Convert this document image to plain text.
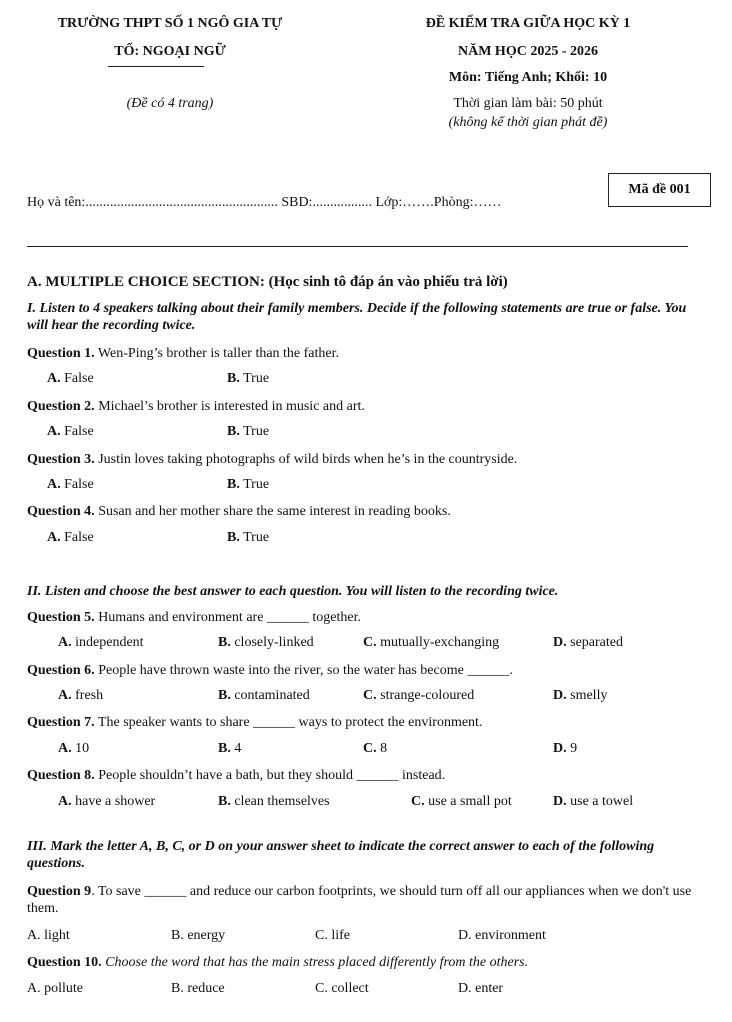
TRƯỜNG THPT SỐ 1 NGÔ GIA TỰ
TỔ: NGOẠI NGỮ
(Đề có 4 trang)
ĐỀ KIỂM TRA GIỮA HỌC KỲ 1
NĂM HỌC 2025 - 2026
Môn: Tiếng Anh; Khối: 10
Thời gian làm bài: 50 phút
(không kể thời gian phát đề)
Họ và tên:....................................................... SBD:................. Lớp:…….Phòng:……
Mã đề 001
A. MULTIPLE CHOICE SECTION: (Học sinh tô đáp án vào phiếu trả lời)
I. Listen to 4 speakers talking about their family members. Decide if the following statements are true or false. You will hear the recording twice.
Question 1. Wen-Ping’s brother is taller than the father.
A. False	B. True
Question 2. Michael’s brother is interested in music and art.
A. False	B. True
Question 3. Justin loves taking photographs of wild birds when he’s in the countryside.
A. False	B. True
Question 4. Susan and her mother share the same interest in reading books.
A. False	B. True
II. Listen and choose the best answer to each question. You will listen to the recording twice.
Question 5. Humans and environment are ______ together.
A. independent	B. closely-linked	C. mutually-exchanging	D. separated
Question 6. People have thrown waste into the river, so the water has become ______.
A. fresh	B. contaminated	C. strange-coloured	D. smelly
Question 7. The speaker wants to share ______ ways to protect the environment.
A. 10	B. 4	C. 8	D. 9
Question 8. People shouldn’t have a bath, but they should ______ instead.
A. have a shower	B. clean themselves	C. use a small pot	D. use a towel
III. Mark the letter A, B, C, or D on your answer sheet to indicate the correct answer to each of the following questions.
Question 9. To save ______ and reduce our carbon footprints, we should turn off all our appliances when we don't use them.
A. light	B. energy	C. life	D. environment
Question 10. Choose the word that has the main stress placed differently from the others.
A. pollute	B. reduce	C. collect	D. enter
